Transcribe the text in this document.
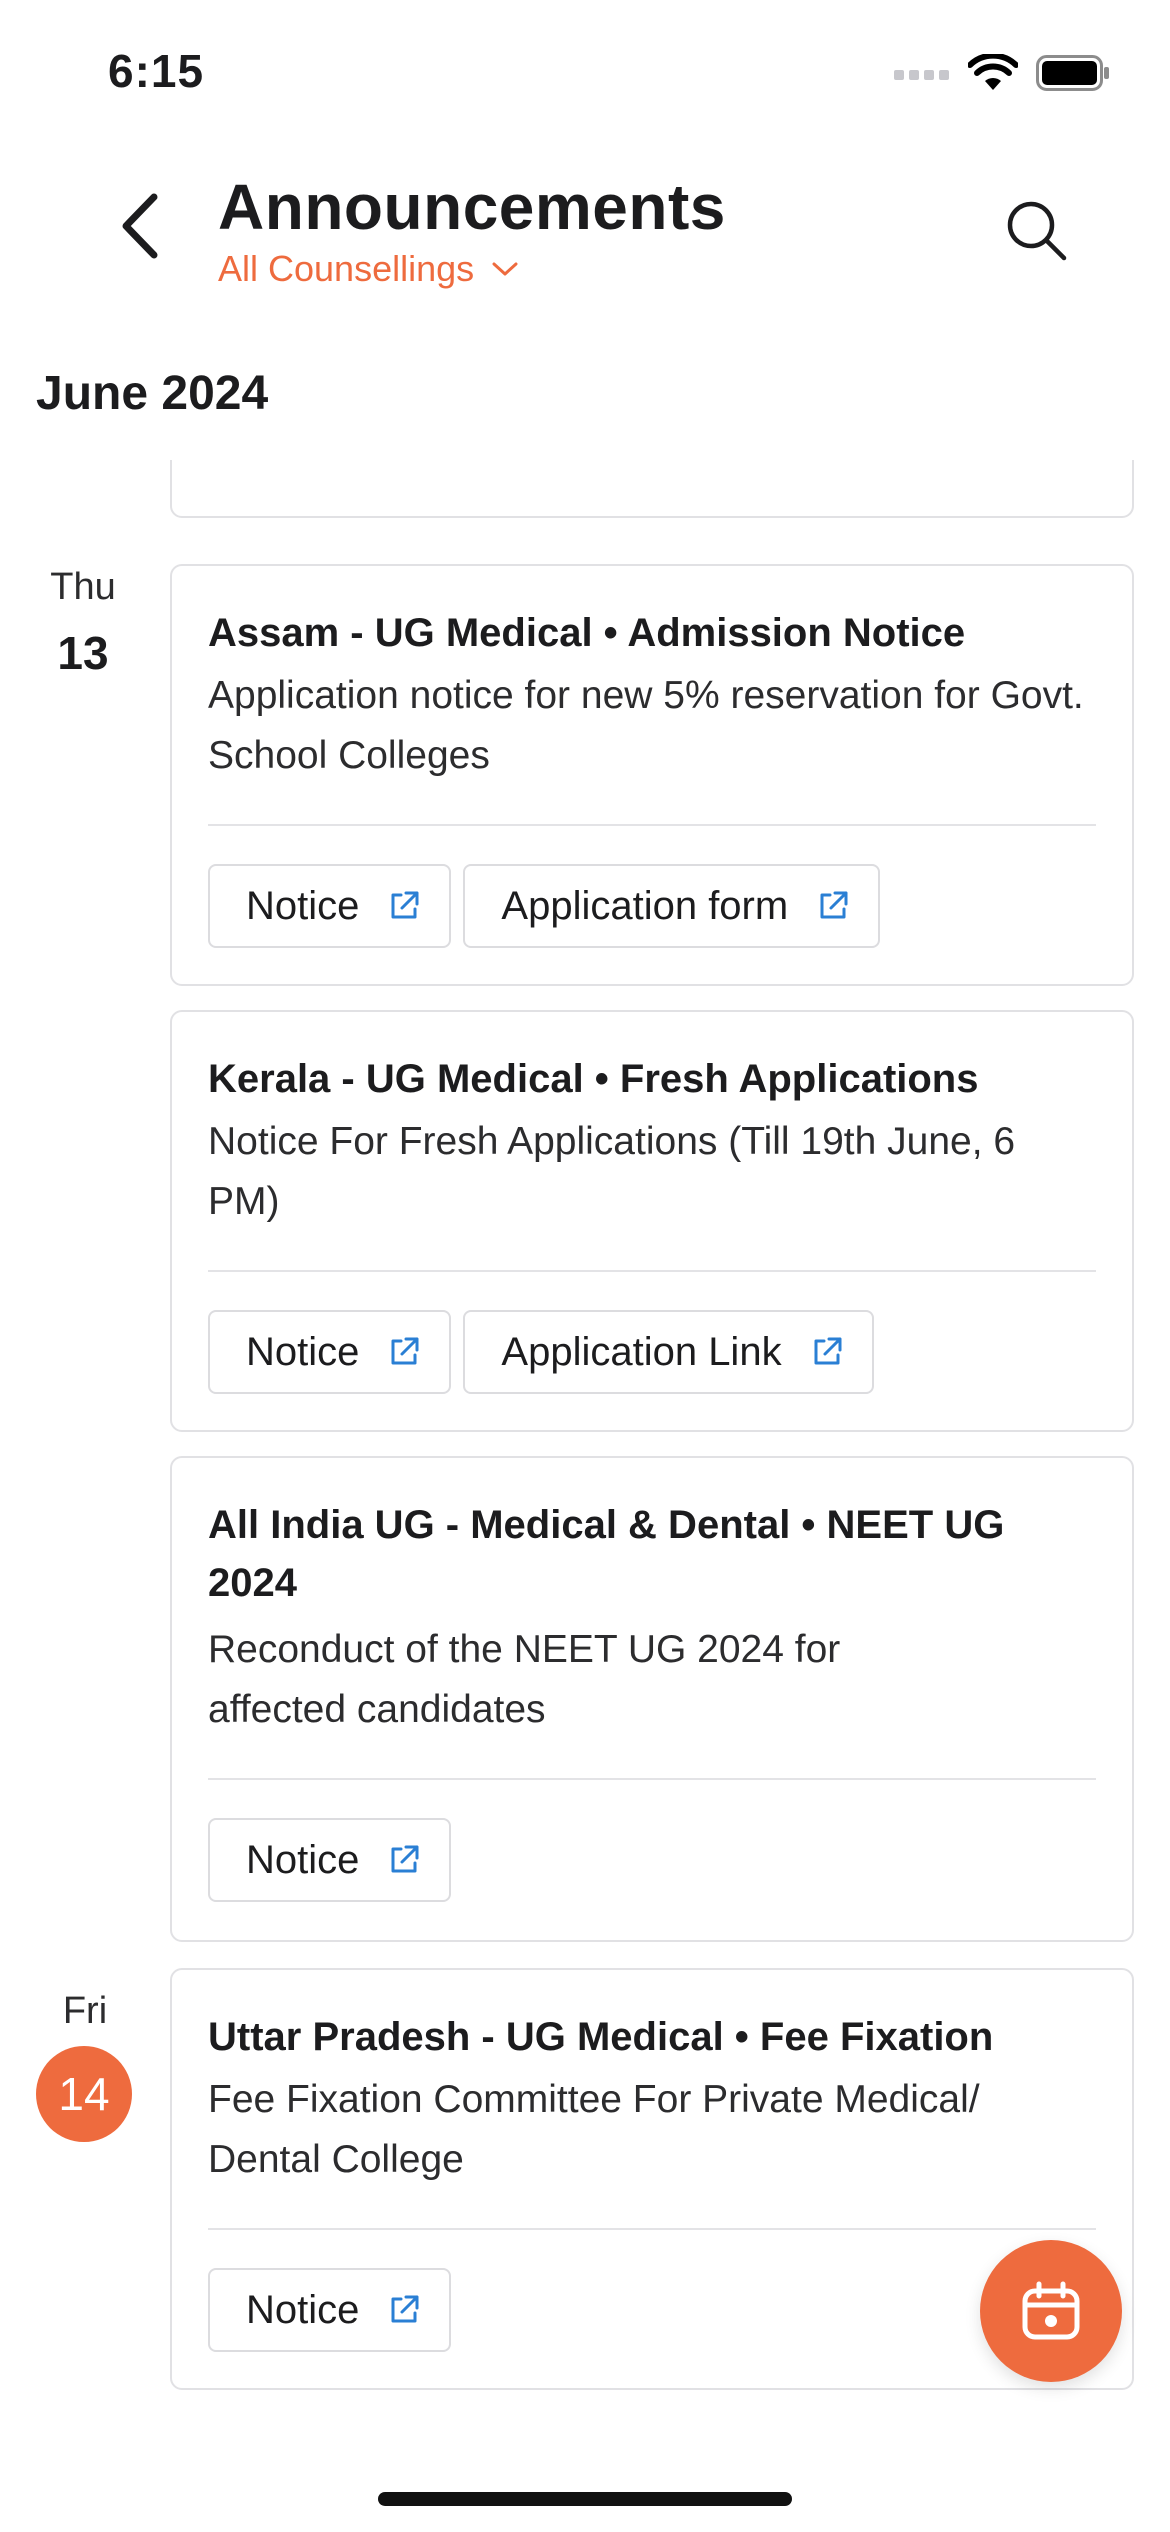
6:15
Announcements
All Counsellings
June 2024
Thu
13	Assam - UG Medical • Admission Notice
Application notice for new 5% reservation for Govt. School Colleges
Notice	Application form
Kerala - UG Medical • Fresh Applications
Notice For Fresh Applications (Till 19th June, 6 PM)
Notice	Application Link
All India UG - Medical & Dental • NEET UG 2024
Reconduct of the NEET UG 2024 for affected candidates
Notice
Fri
14
Uttar Pradesh - UG Medical • Fee Fixation
Fee Fixation Committee For Private Medical/ Dental College
Notice
